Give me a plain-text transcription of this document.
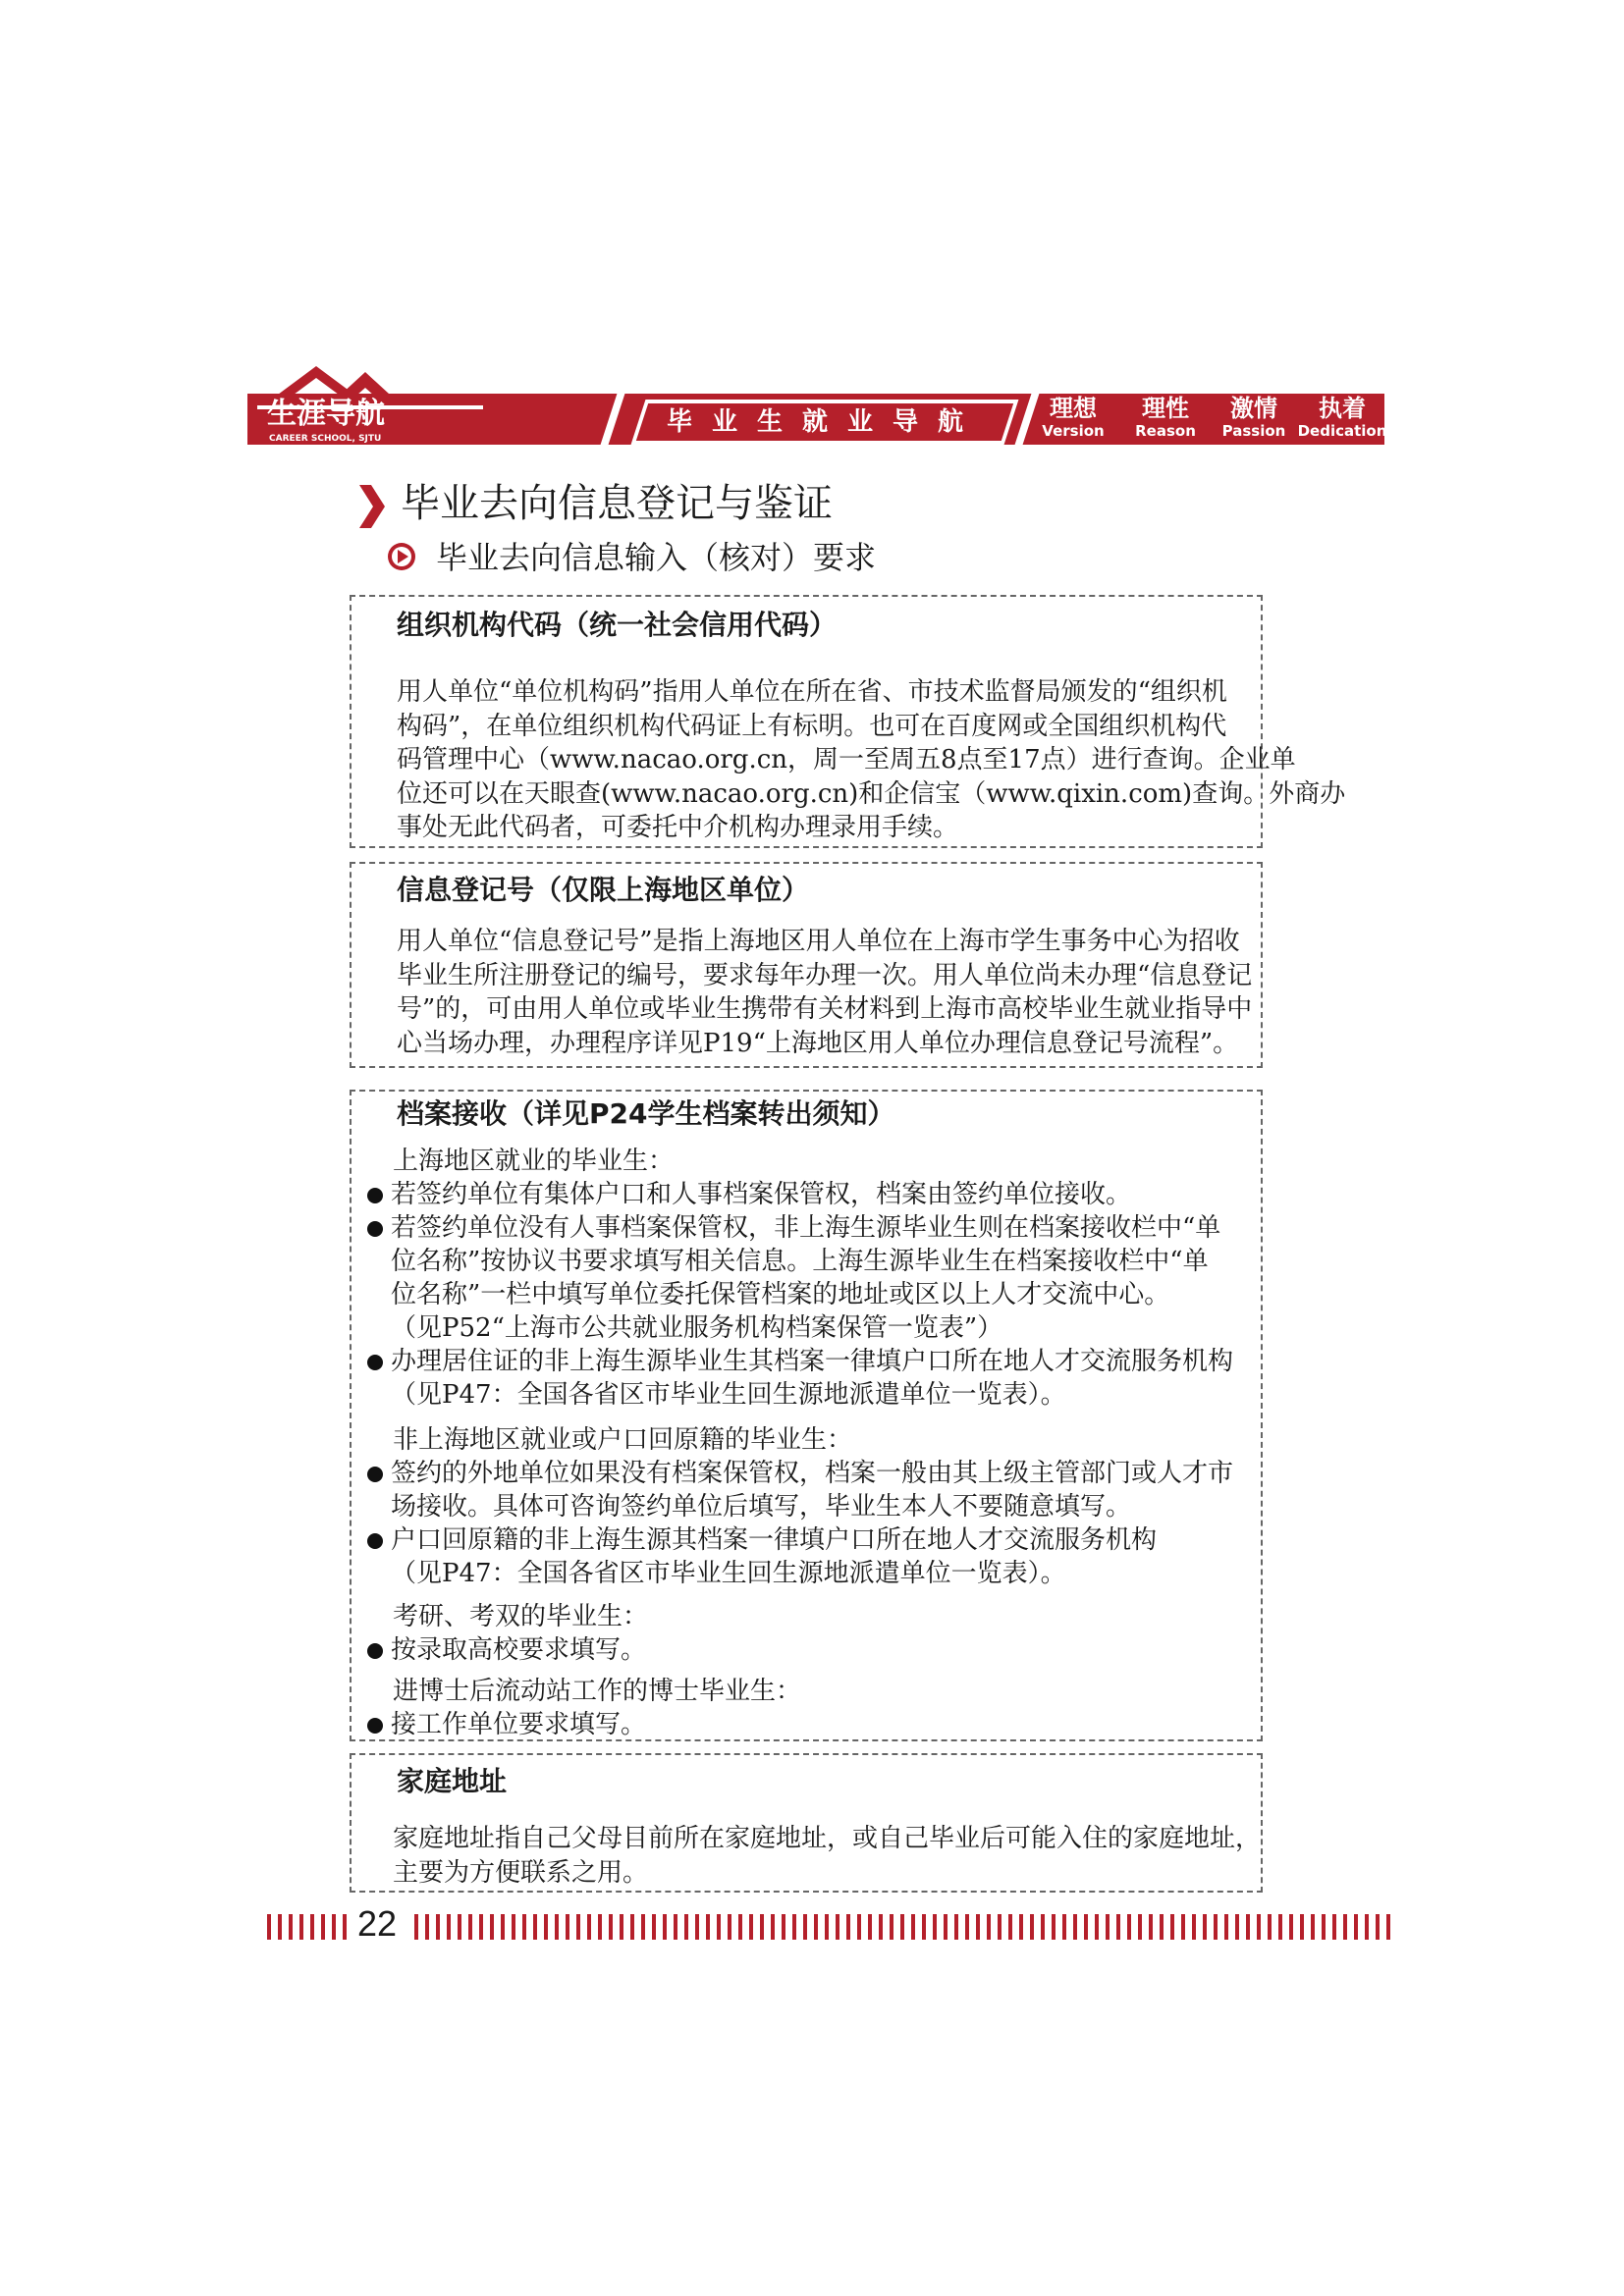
生涯导航
CAREER SCHOOL, SJTU
毕业生就业导航	理想
Version
理性
Reason
激情
Passion
执着
Dedication
毕业去向信息登记与鉴证
毕业去向信息输入（核对）要求
组织机构代码（统一社会信用代码）
用人单位“单位机构码”指用人单位在所在省、市技术监督局颁发的“组织机
构码”，在单位组织机构代码证上有标明。也可在百度网或全国组织机构代
码管理中心（www.nacao.org.cn，周一至周五8点至17点）进行查询。企业单
位还可以在天眼查(www.nacao.org.cn)和企信宝（www.qixin.com)查询。外商办
事处无此代码者，可委托中介机构办理录用手续。
信息登记号（仅限上海地区单位）
用人单位“信息登记号”是指上海地区用人单位在上海市学生事务中心为招收
毕业生所注册登记的编号，要求每年办理一次。用人单位尚未办理“信息登记
号”的，可由用人单位或毕业生携带有关材料到上海市高校毕业生就业指导中
心当场办理，办理程序详见P19“上海地区用人单位办理信息登记号流程”。
档案接收（详见P24学生档案转出须知）
上海地区就业的毕业生：
若签约单位有集体户口和人事档案保管权，档案由签约单位接收。
若签约单位没有人事档案保管权，非上海生源毕业生则在档案接收栏中“单
位名称”按协议书要求填写相关信息。上海生源毕业生在档案接收栏中“单
位名称”一栏中填写单位委托保管档案的地址或区以上人才交流中心。
（见P52“上海市公共就业服务机构档案保管一览表”）
办理居住证的非上海生源毕业生其档案一律填户口所在地人才交流服务机构
（见P47：全国各省区市毕业生回生源地派遣单位一览表）。
非上海地区就业或户口回原籍的毕业生：
签约的外地单位如果没有档案保管权，档案一般由其上级主管部门或人才市
场接收。具体可咨询签约单位后填写，毕业生本人不要随意填写。
户口回原籍的非上海生源其档案一律填户口所在地人才交流服务机构
（见P47：全国各省区市毕业生回生源地派遣单位一览表）。
考研、考双的毕业生：
按录取高校要求填写。
进博士后流动站工作的博士毕业生：
接工作单位要求填写。
家庭地址
家庭地址指自己父母目前所在家庭地址，或自己毕业后可能入住的家庭地址，
主要为方便联系之用。
22
